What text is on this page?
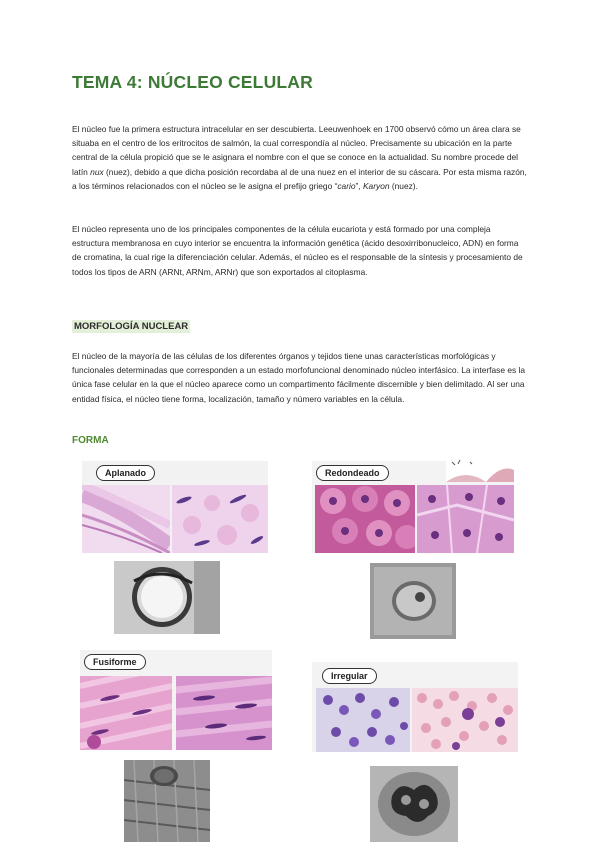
TEMA 4: NÚCLEO CELULAR
El núcleo fue la primera estructura intracelular en ser descubierta. Leeuwenhoek en 1700 observó cómo un área clara se situaba en el centro de los eritrocitos de salmón, la cual correspondía al núcleo. Precisamente su ubicación en la parte central de la célula propició que se le asignara el nombre con el que se conoce en la actualidad. Su nombre procede del latín nux (nuez), debido a que dicha posición recordaba al de una nuez en el interior de su cáscara. Por esta misma razón, a los términos relacionados con el núcleo se le asigna el prefijo griego “cario”, Karyon (nuez).
El núcleo representa uno de los principales componentes de la célula eucariota y está formado por una compleja estructura membranosa en cuyo interior se encuentra la información genética (ácido desoxirribonucleico, ADN) en forma de cromatina, la cual rige la diferenciación celular. Además, el núcleo es el responsable de la síntesis y procesamiento de todos los tipos de ARN (ARNt, ARNm, ARNr) que son exportados al citoplasma.
MORFOLOGÍA NUCLEAR
El núcleo de la mayoría de las células de los diferentes órganos y tejidos tiene unas características morfológicas y funcionales determinadas que corresponden a un estado morfofuncional denominado núcleo interfásico. La interfase es la única fase celular en la que el núcleo aparece como un compartimento fácilmente discernible y bien delimitado. Al ser una entidad física, el núcleo tiene forma, localización, tamaño y número variables en la célula.
FORMA
Aplanado	Redondeado
Fusiforme
Irregular
